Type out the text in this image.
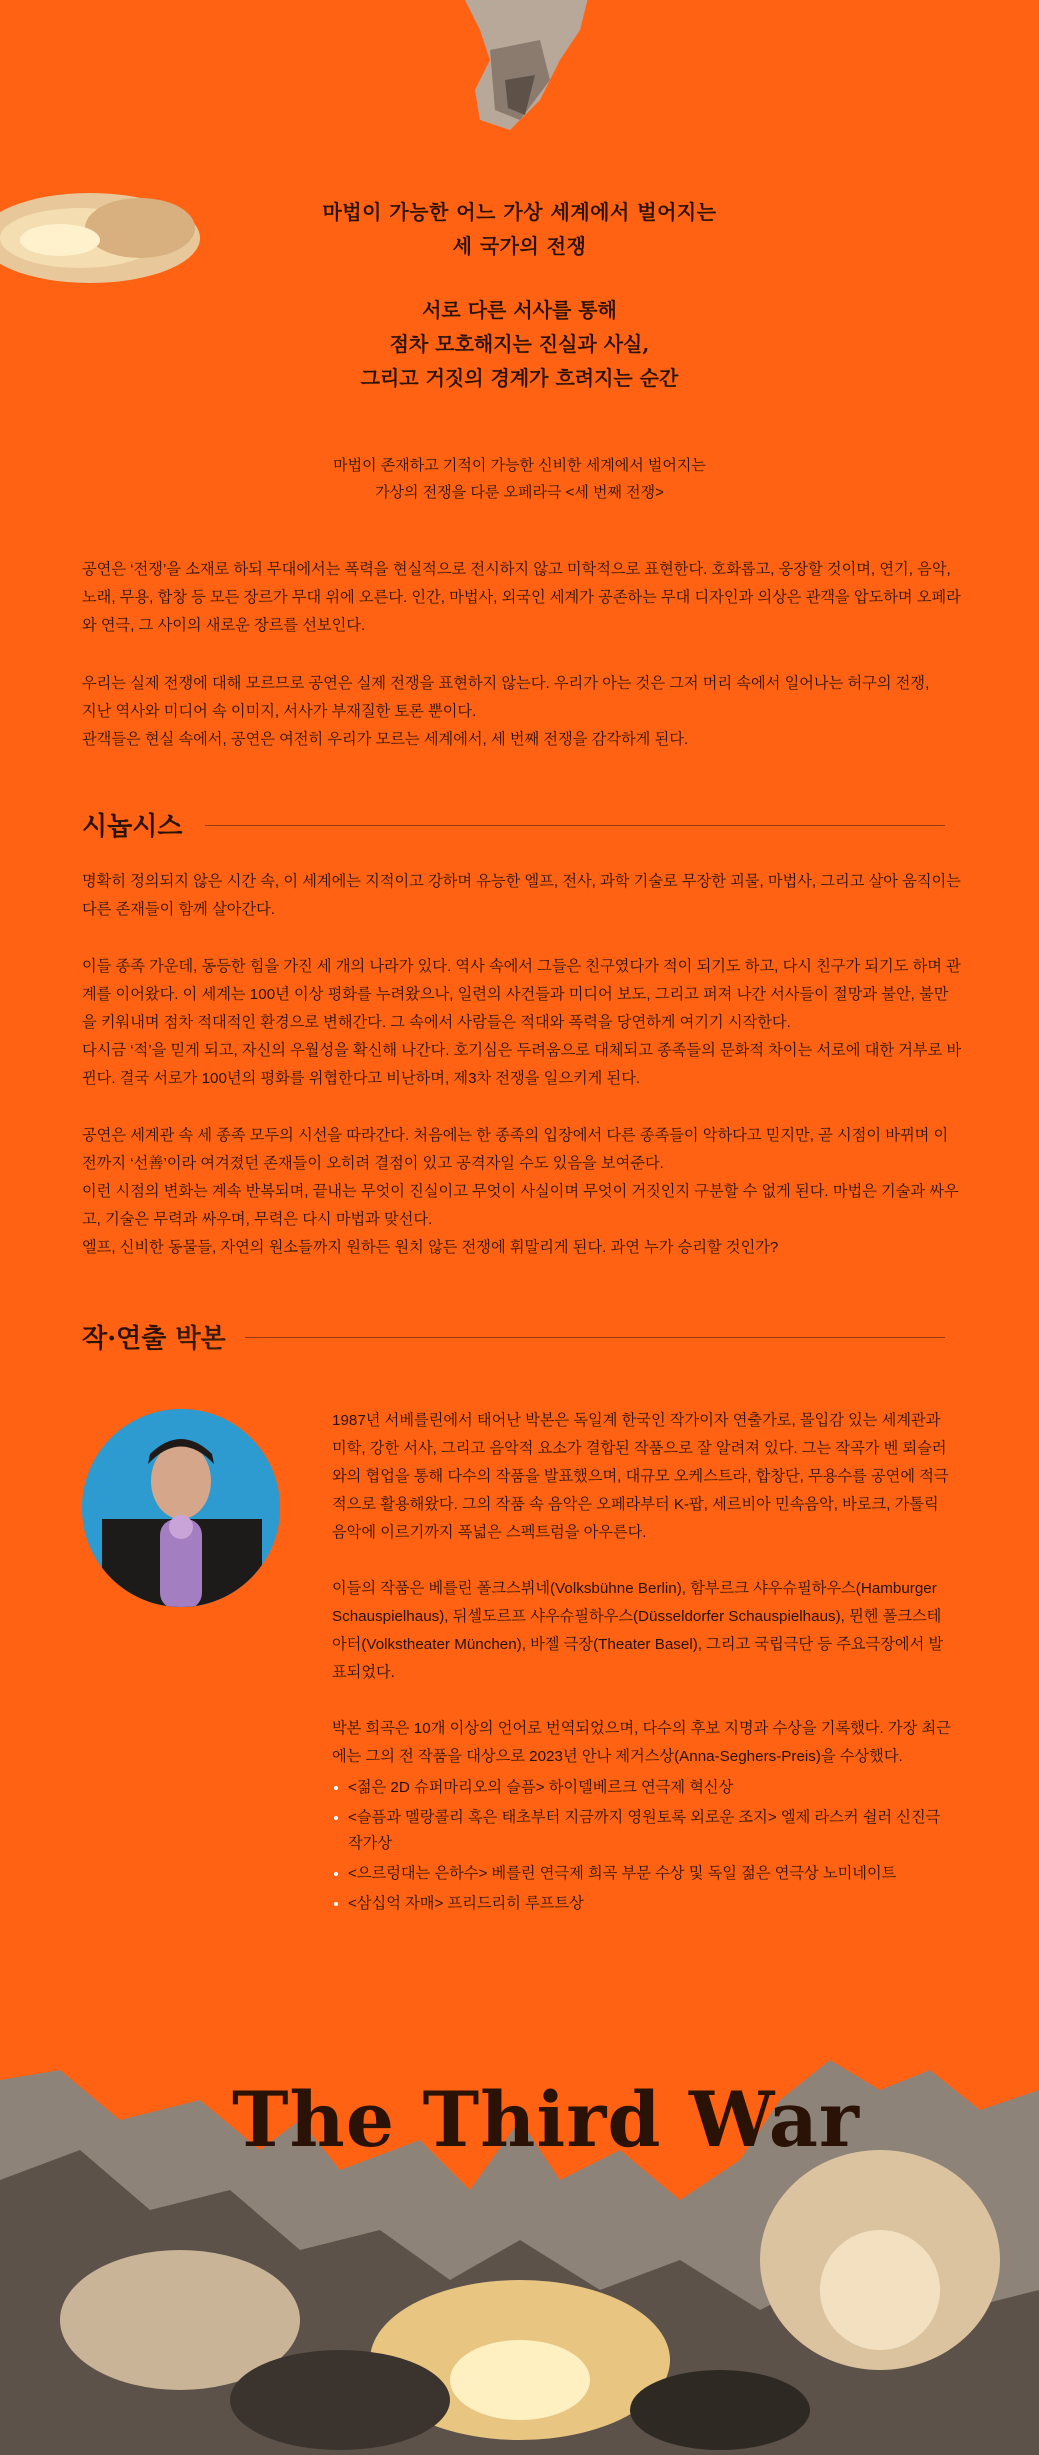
마법이 가능한 어느 가상 세계에서 벌어지는
세 국가의 전쟁
서로 다른 서사를 통해
점차 모호해지는 진실과 사실,
그리고 거짓의 경계가 흐려지는 순간
마법이 존재하고 기적이 가능한 신비한 세계에서 벌어지는
가상의 전쟁을 다룬 오페라극 <세 번째 전쟁>

공연은 ‘전쟁’을 소재로 하되 무대에서는 폭력을 현실적으로 전시하지 않고 미학적으로 표현한다. 호화롭고, 웅장할 것이며, 연기, 음악, 노래, 무용, 합창 등 모든 장르가 무대 위에 오른다. 인간, 마법사, 외국인 세계가 공존하는 무대 디자인과 의상은 관객을 압도하며 오페라와 연극, 그 사이의 새로운 장르를 선보인다.

우리는 실제 전쟁에 대해 모르므로 공연은 실제 전쟁을 표현하지 않는다. 우리가 아는 것은 그저 머리 속에서 일어나는 허구의 전쟁,

지난 역사와 미디어 속 이미지, 서사가 부재질한 토론 뿐이다.

관객들은 현실 속에서, 공연은 여전히 우리가 모르는 세계에서, 세 번째 전쟁을 감각하게 된다.

시놉시스

명확히 정의되지 않은 시간 속, 이 세계에는 지적이고 강하며 유능한 엘프, 전사, 과학 기술로 무장한 괴물, 마법사, 그리고 살아 움직이는 다른 존재들이 함께 살아간다.

이들 종족 가운데, 동등한 힘을 가진 세 개의 나라가 있다. 역사 속에서 그들은 친구였다가 적이 되기도 하고, 다시 친구가 되기도 하며 관계를 이어왔다. 이 세계는 100년 이상 평화를 누려왔으나, 일련의 사건들과 미디어 보도, 그리고 퍼져 나간 서사들이 절망과 불안, 불만을 키워내며 점차 적대적인 환경으로 변해간다. 그 속에서 사람들은 적대와 폭력을 당연하게 여기기 시작한다.

다시금 ‘적’을 믿게 되고, 자신의 우월성을 확신해 나간다. 호기심은 두려움으로 대체되고 종족들의 문화적 차이는 서로에 대한 거부로 바뀐다. 결국 서로가 100년의 평화를 위협한다고 비난하며, 제3차 전쟁을 일으키게 된다.

공연은 세계관 속 세 종족 모두의 시선을 따라간다. 처음에는 한 종족의 입장에서 다른 종족들이 악하다고 믿지만, 곧 시점이 바뀌며 이전까지 ‘선善’이라 여겨졌던 존재들이 오히려 결점이 있고 공격자일 수도 있음을 보여준다.

이런 시점의 변화는 계속 반복되며, 끝내는 무엇이 진실이고 무엇이 사실이며 무엇이 거짓인지 구분할 수 없게 된다. 마법은 기술과 싸우고, 기술은 무력과 싸우며, 무력은 다시 마법과 맞선다.

엘프, 신비한 동물들, 자연의 원소들까지 원하든 원치 않든 전쟁에 휘말리게 된다. 과연 누가 승리할 것인가?

작·연출 박본

1987년 서베를린에서 태어난 박본은 독일계 한국인 작가이자 연출가로, 몰입감 있는 세계관과 미학, 강한 서사, 그리고 음악적 요소가 결합된 작품으로 잘 알려져 있다. 그는 작곡가 벤 뢰슬러와의 협업을 통해 다수의 작품을 발표했으며, 대규모 오케스트라, 합창단, 무용수를 공연에 적극적으로 활용해왔다. 그의 작품 속 음악은 오페라부터 K-팝, 세르비아 민속음악, 바로크, 가톨릭 음악에 이르기까지 폭넓은 스펙트럼을 아우른다.

이들의 작품은 베를린 폴크스뷔네(Volksbühne Berlin), 함부르크 샤우슈필하우스(Hamburger Schauspielhaus), 뒤셀도르프 샤우슈필하우스(Düsseldorfer Schauspielhaus), 뮌헨 폴크스테아터(Volkstheater München), 바젤 극장(Theater Basel), 그리고 국립극단 등 주요극장에서 발표되었다.

박본 희곡은 10개 이상의 언어로 번역되었으며, 다수의 후보 지명과 수상을 기록했다. 가장 최근에는 그의 전 작품을 대상으로 2023년 안나 제거스상(Anna-Seghers-Preis)을 수상했다.

<젊은 2D 슈퍼마리오의 슬픔> 하이델베르크 연극제 혁신상
<슬픔과 멜랑콜리 혹은 태초부터 지금까지 영원토록 외로운 조지> 엘제 라스커 쉴러 신진극작가상
<으르렁대는 은하수> 베를린 연극제 희곡 부문 수상 및 독일 젊은 연극상 노미네이트
<삼십억 자매> 프리드리히 루프트상
The Third War
